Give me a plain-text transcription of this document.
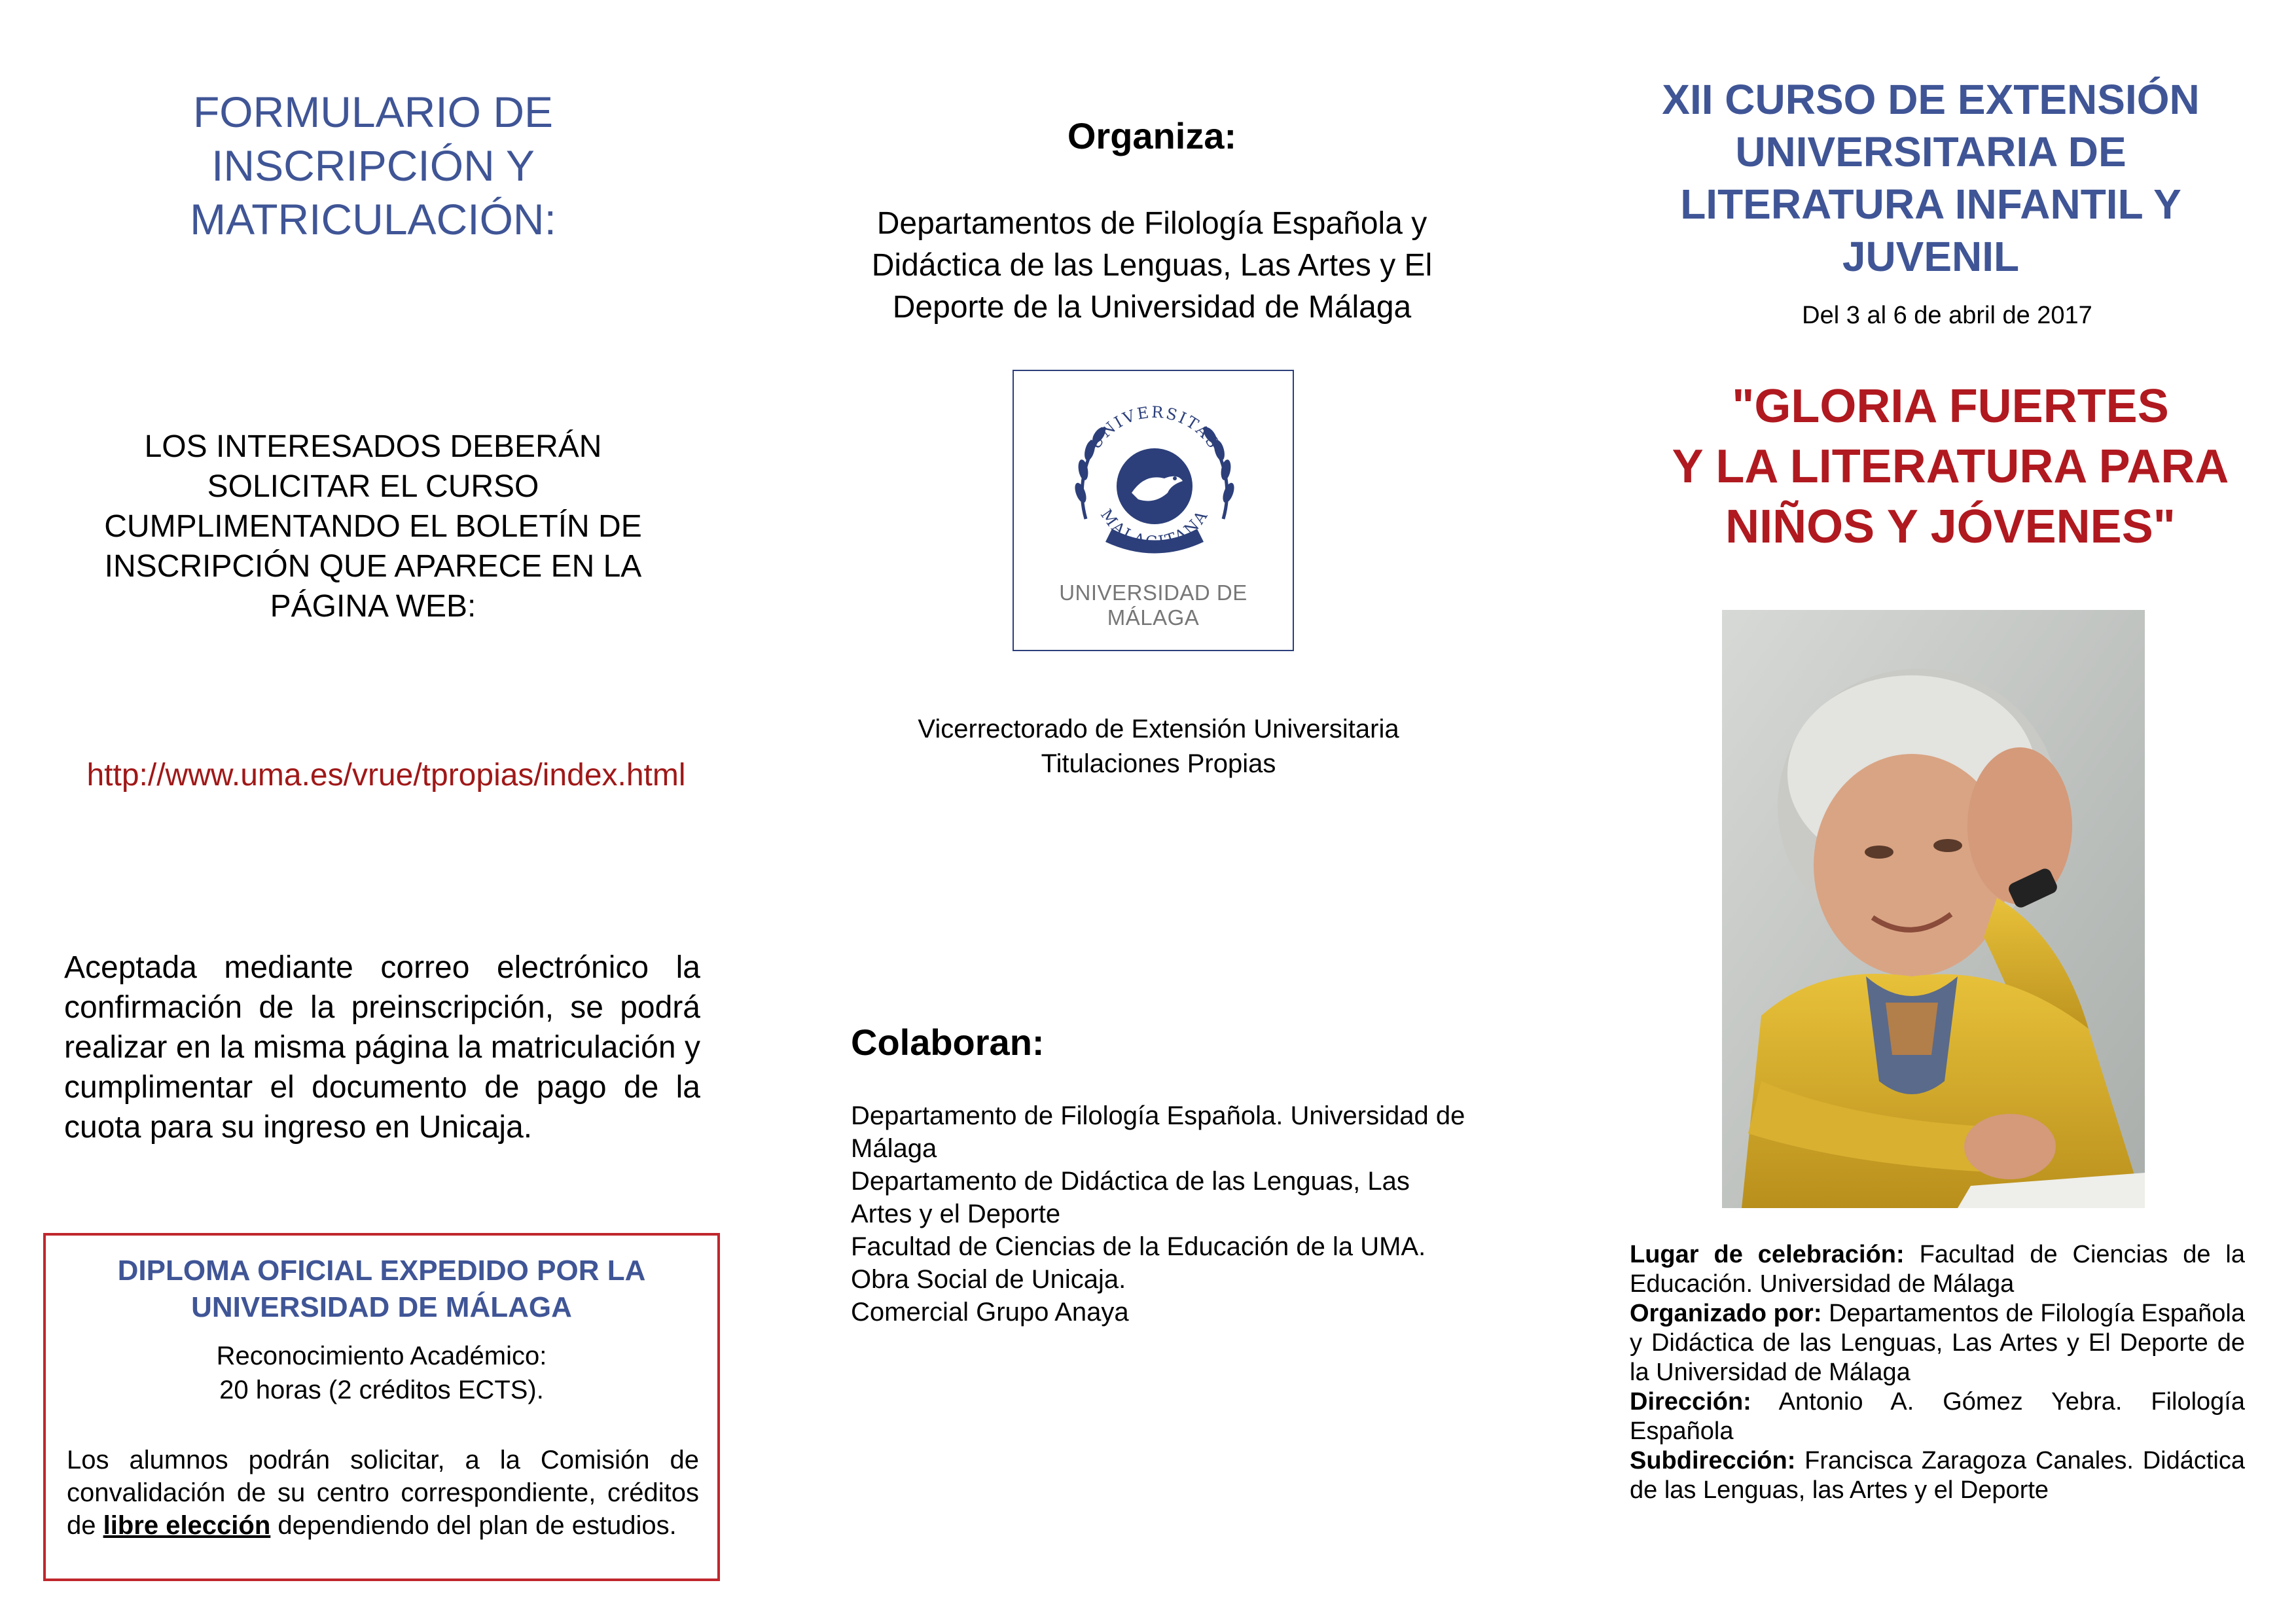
FORMULARIO DE INSCRIPCIÓN Y MATRICULACIÓN:
LOS INTERESADOS DEBERÁN SOLICITAR EL CURSO CUMPLIMENTANDO EL BOLETÍN DE INSCRIPCIÓN QUE APARECE EN LA PÁGINA WEB:
http://www.uma.es/vrue/tpropias/index.html
Aceptada mediante correo electrónico la confirmación de la preinscripción, se podrá realizar en la misma página la matriculación y cumplimentar el documento de pago de la cuota para su ingreso en Unicaja.
DIPLOMA OFICIAL EXPEDIDO POR LA UNIVERSIDAD DE MÁLAGA
Reconocimiento Académico:
20 horas (2 créditos ECTS).
Los alumnos podrán solicitar, a la Comisión de convalidación de su centro correspondiente, créditos de libre elección dependiendo del plan de estudios.
Organiza:
Departamentos de Filología Española y Didáctica de las Lenguas, Las Artes y El Deporte de la Universidad de Málaga
UNIVERSITAS
MALACITANA
UNIVERSIDAD DE MÁLAGA
Vicerrectorado de Extensión Universitaria
Titulaciones Propias
Colaboran:
Departamento de Filología Española. Universidad de Málaga
Departamento de Didáctica de las Lenguas, Las Artes y el Deporte
Facultad de Ciencias de la Educación de la UMA.
Obra Social de Unicaja.
Comercial Grupo Anaya
XII CURSO DE EXTENSIÓN UNIVERSITARIA DE LITERATURA INFANTIL Y JUVENIL
Del 3 al 6 de abril de 2017
"GLORIA FUERTES
Y LA LITERATURA PARA
NIÑOS Y JÓVENES"

Lugar de celebración: Facultad de Ciencias de la Educación. Universidad de Málaga

Organizado por: Departamentos de Filología Española y Didáctica de las Lenguas, Las Artes y El Deporte de la Universidad de Málaga

Dirección: Antonio A. Gómez Yebra. Filología Española

Subdirección: Francisca Zaragoza Canales. Didáctica de las Lenguas, las Artes y el Deporte
